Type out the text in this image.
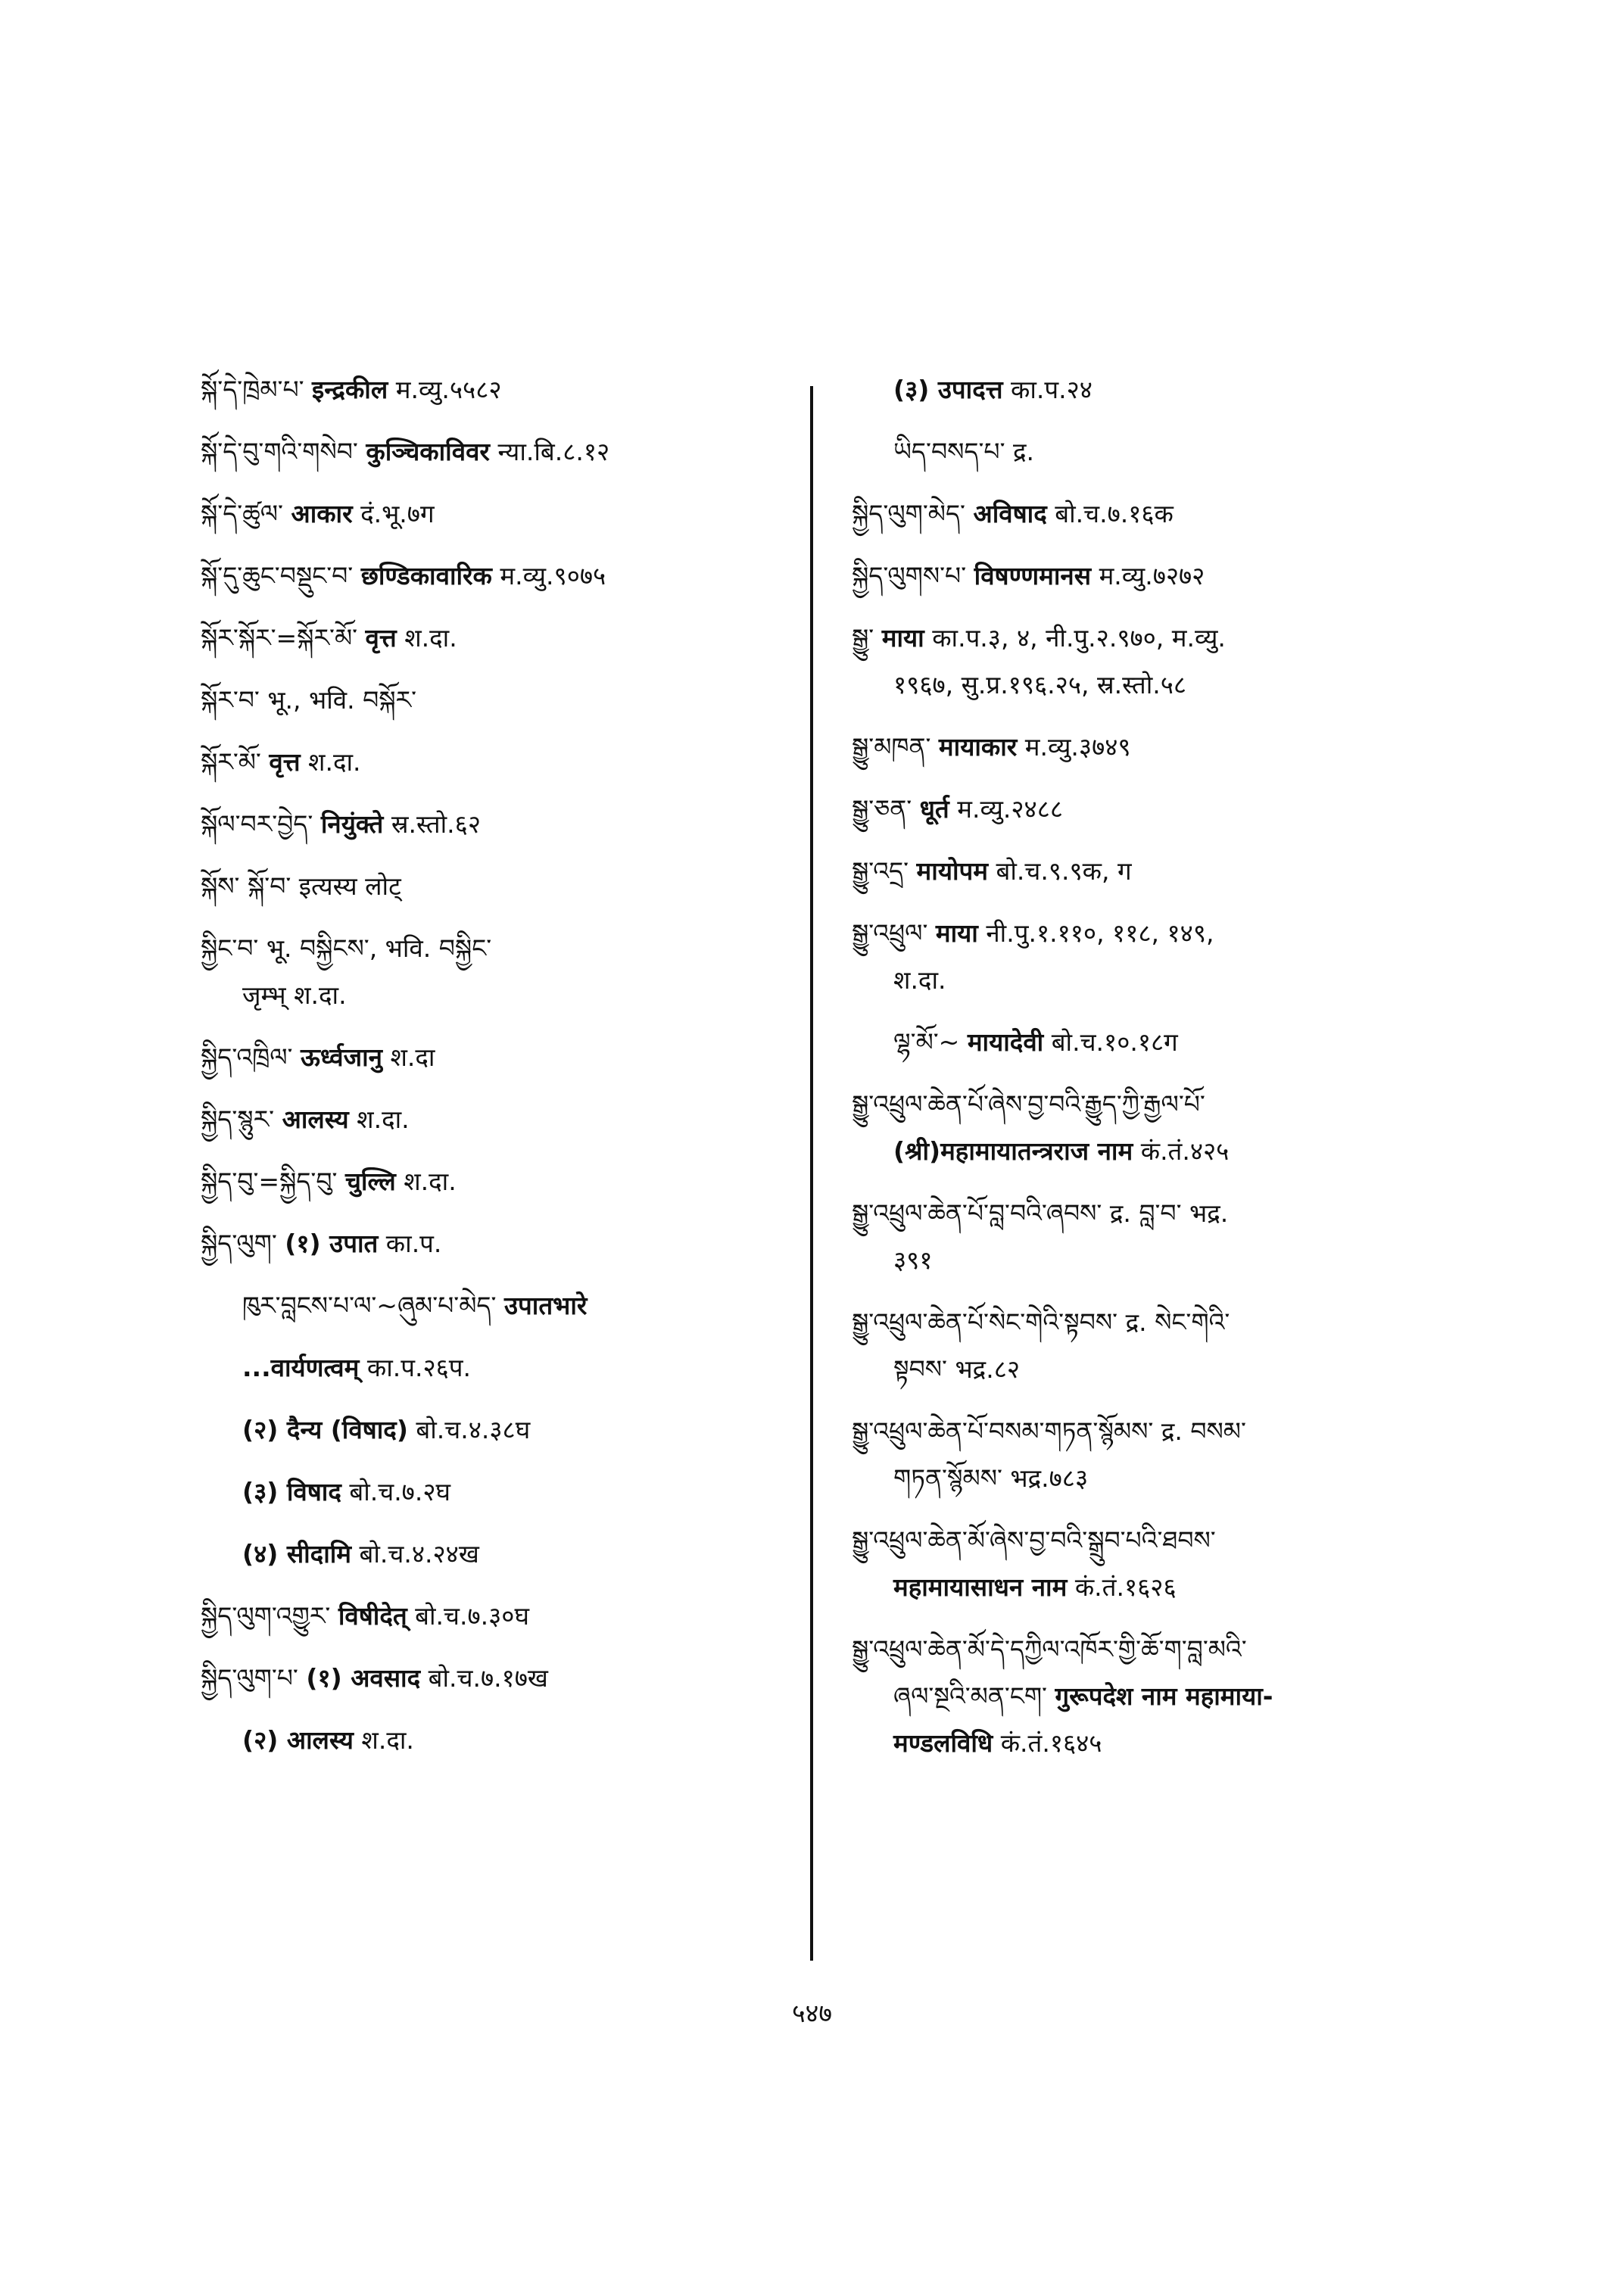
སྐོ་དེ་ཁྲེམ་པ་ इन्द्रकील म.व्यु.५५८२
སྐོ་དེ་བུ་གའི་གསེབ་ कुञ्चिकाविवर न्या.बि.८.१२
སྐོ་དེ་ཚུལ་ आकार दं.भू.७ग
སྐོ་དུ་ཆུང་བསྡུང་བ་ छण्डिकावारिक म.व्यु.९०७५
སྐོར་སྐོར་=སྐོར་མོ་ वृत्त श.दा.
སྐོར་བ་ भू., भवि. བསྐོར་
སྐོར་མོ་ वृत्त श.दा.
སྐོལ་བར་བྱེད་ नियुंक्ते स्र.स्तो.६२
སྐོས་ སྐོ་བ་ इत्यस्य लोट्
སྐྱིང་བ་ भू. བསྐྱིངས་, भवि. བསྐྱིང་
जृम्भ् श.दा.
སྐྱིད་འཁྲིལ་ ऊर्ध्वजानु श.दा
སྐྱིད་སྙུར་ आलस्य श.दा.
སྐྱིད་བུ་=སྐྱིད་བུ་ चुल्लि श.दा.
སྐྱིད་ལུག་ (१) उपात का.प.
ཁུར་བླངས་པ་ལ་~ཞུམ་པ་མེད་ उपातभारे
...वार्यणत्वम् का.प.२६प.
(२) दैन्य (विषाद) बो.च.४.३८घ
(३) विषाद बो.च.७.२घ
(४) सीदामि बो.च.४.२४ख
སྐྱིད་ལུག་འགྱུར་ विषीदेत् बो.च.७.३०घ
སྐྱིད་ལུག་པ་ (१) अवसाद बो.च.७.१७ख
(२) आलस्य श.दा.
(३) उपादत्त का.प.२४
ཡིད་བསད་པ་ द्र.
སྐྱིད་ལུག་མེད་ अविषाद बो.च.७.१६क
སྐྱིད་ལུགས་པ་ विषण्णमानस म.व्यु.७२७२
སྒྱུ་ माया का.प.३, ४, नी.पु.२.९७०, म.व्यु.
१९६७, सु.प्र.१९६.२५, स्र.स्तो.५८
སྒྱུ་མཁན་ मायाकार म.व्यु.३७४९
སྒྱུ་ཅན་ धूर्त म.व्यु.२४८८
སྒྱུ་འདྲ་ मायोपम बो.च.९.९क, ग
སྒྱུ་འཕྲུལ་ माया नी.पु.१.११०, ११८, १४९,
श.दा.
ལྷ་མོ་~ मायादेवी बो.च.१०.१८ग
སྒྱུ་འཕྲུལ་ཆེན་པོ་ཞེས་བྱ་བའི་རྒྱུད་ཀྱི་རྒྱལ་པོ་
(श्री)महामायातन्त्रराज नाम कं.तं.४२५
སྒྱུ་འཕྲུལ་ཆེན་པོ་བླ་བའི་ཞབས་ द्र. བླ་བ་ भद्र.
३९१
སྒྱུ་འཕྲུལ་ཆེན་པོ་སེང་གེའི་སྟབས་ द्र. སེང་གེའི་
སྟབས་ भद्र.८२
སྒྱུ་འཕྲུལ་ཆེན་པོ་བསམ་གཏན་སྙོམས་ द्र. བསམ་
གཏན་སྙོམས་ भद्र.७८३
སྒྱུ་འཕྲུལ་ཆེན་མོ་ཞེས་བྱ་བའི་སྒྲུབ་པའི་ཐབས་
महामायासाधन नाम कं.तं.१६२६
སྒྱུ་འཕྲུལ་ཆེན་མོ་དེ་དཀྱིལ་འཁོར་གྱི་ཆོ་ག་བླ་མའི་
ཞལ་སྔའི་མན་ངག་ गुरूपदेश नाम महामाया-
मण्डलविधि कं.तं.१६४५
५४७
